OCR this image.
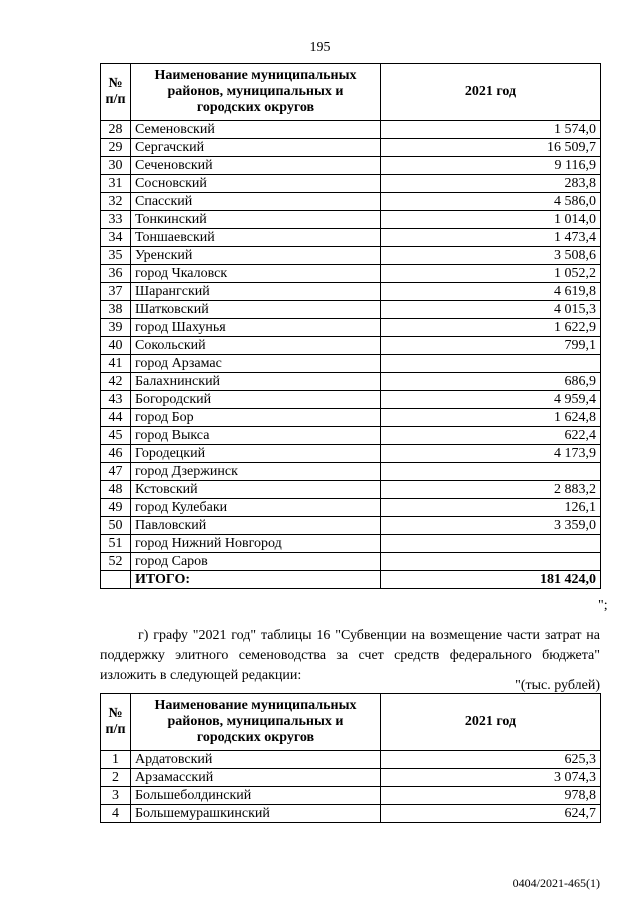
195
№ п/п	Наименование муниципальных районов, муниципальных и городских округов	2021 год
28	Семеновский	1 574,0
29	Сергачский	16 509,7
30	Сеченовский	9 116,9
31	Сосновский	283,8
32	Спасский	4 586,0
33	Тонкинский	1 014,0
34	Тоншаевский	1 473,4
35	Уренский	3 508,6
36	город Чкаловск	1 052,2
37	Шарангский	4 619,8
38	Шатковский	4 015,3
39	город Шахунья	1 622,9
40	Сокольский	799,1
41	город Арзамас	
42	Балахнинский	686,9
43	Богородский	4 959,4
44	город Бор	1 624,8
45	город Выкса	622,4
46	Городецкий	4 173,9
47	город Дзержинск	
48	Кстовский	2 883,2
49	город Кулебаки	126,1
50	Павловский	3 359,0
51	город Нижний Новгород	
52	город Саров	
	ИТОГО:	181 424,0
";
г) графу "2021 год" таблицы 16 "Субвенции на возмещение части затрат на поддержку элитного семеноводства за счет средств федерального бюджета" изложить в следующей редакции:
"(тыс. рублей)
№ п/п	Наименование муниципальных районов, муниципальных и городских округов	2021 год
1	Ардатовский	625,3
2	Арзамасский	3 074,3
3	Большеболдинский	978,8
4	Большемурашкинский	624,7
0404/2021-465(1)
